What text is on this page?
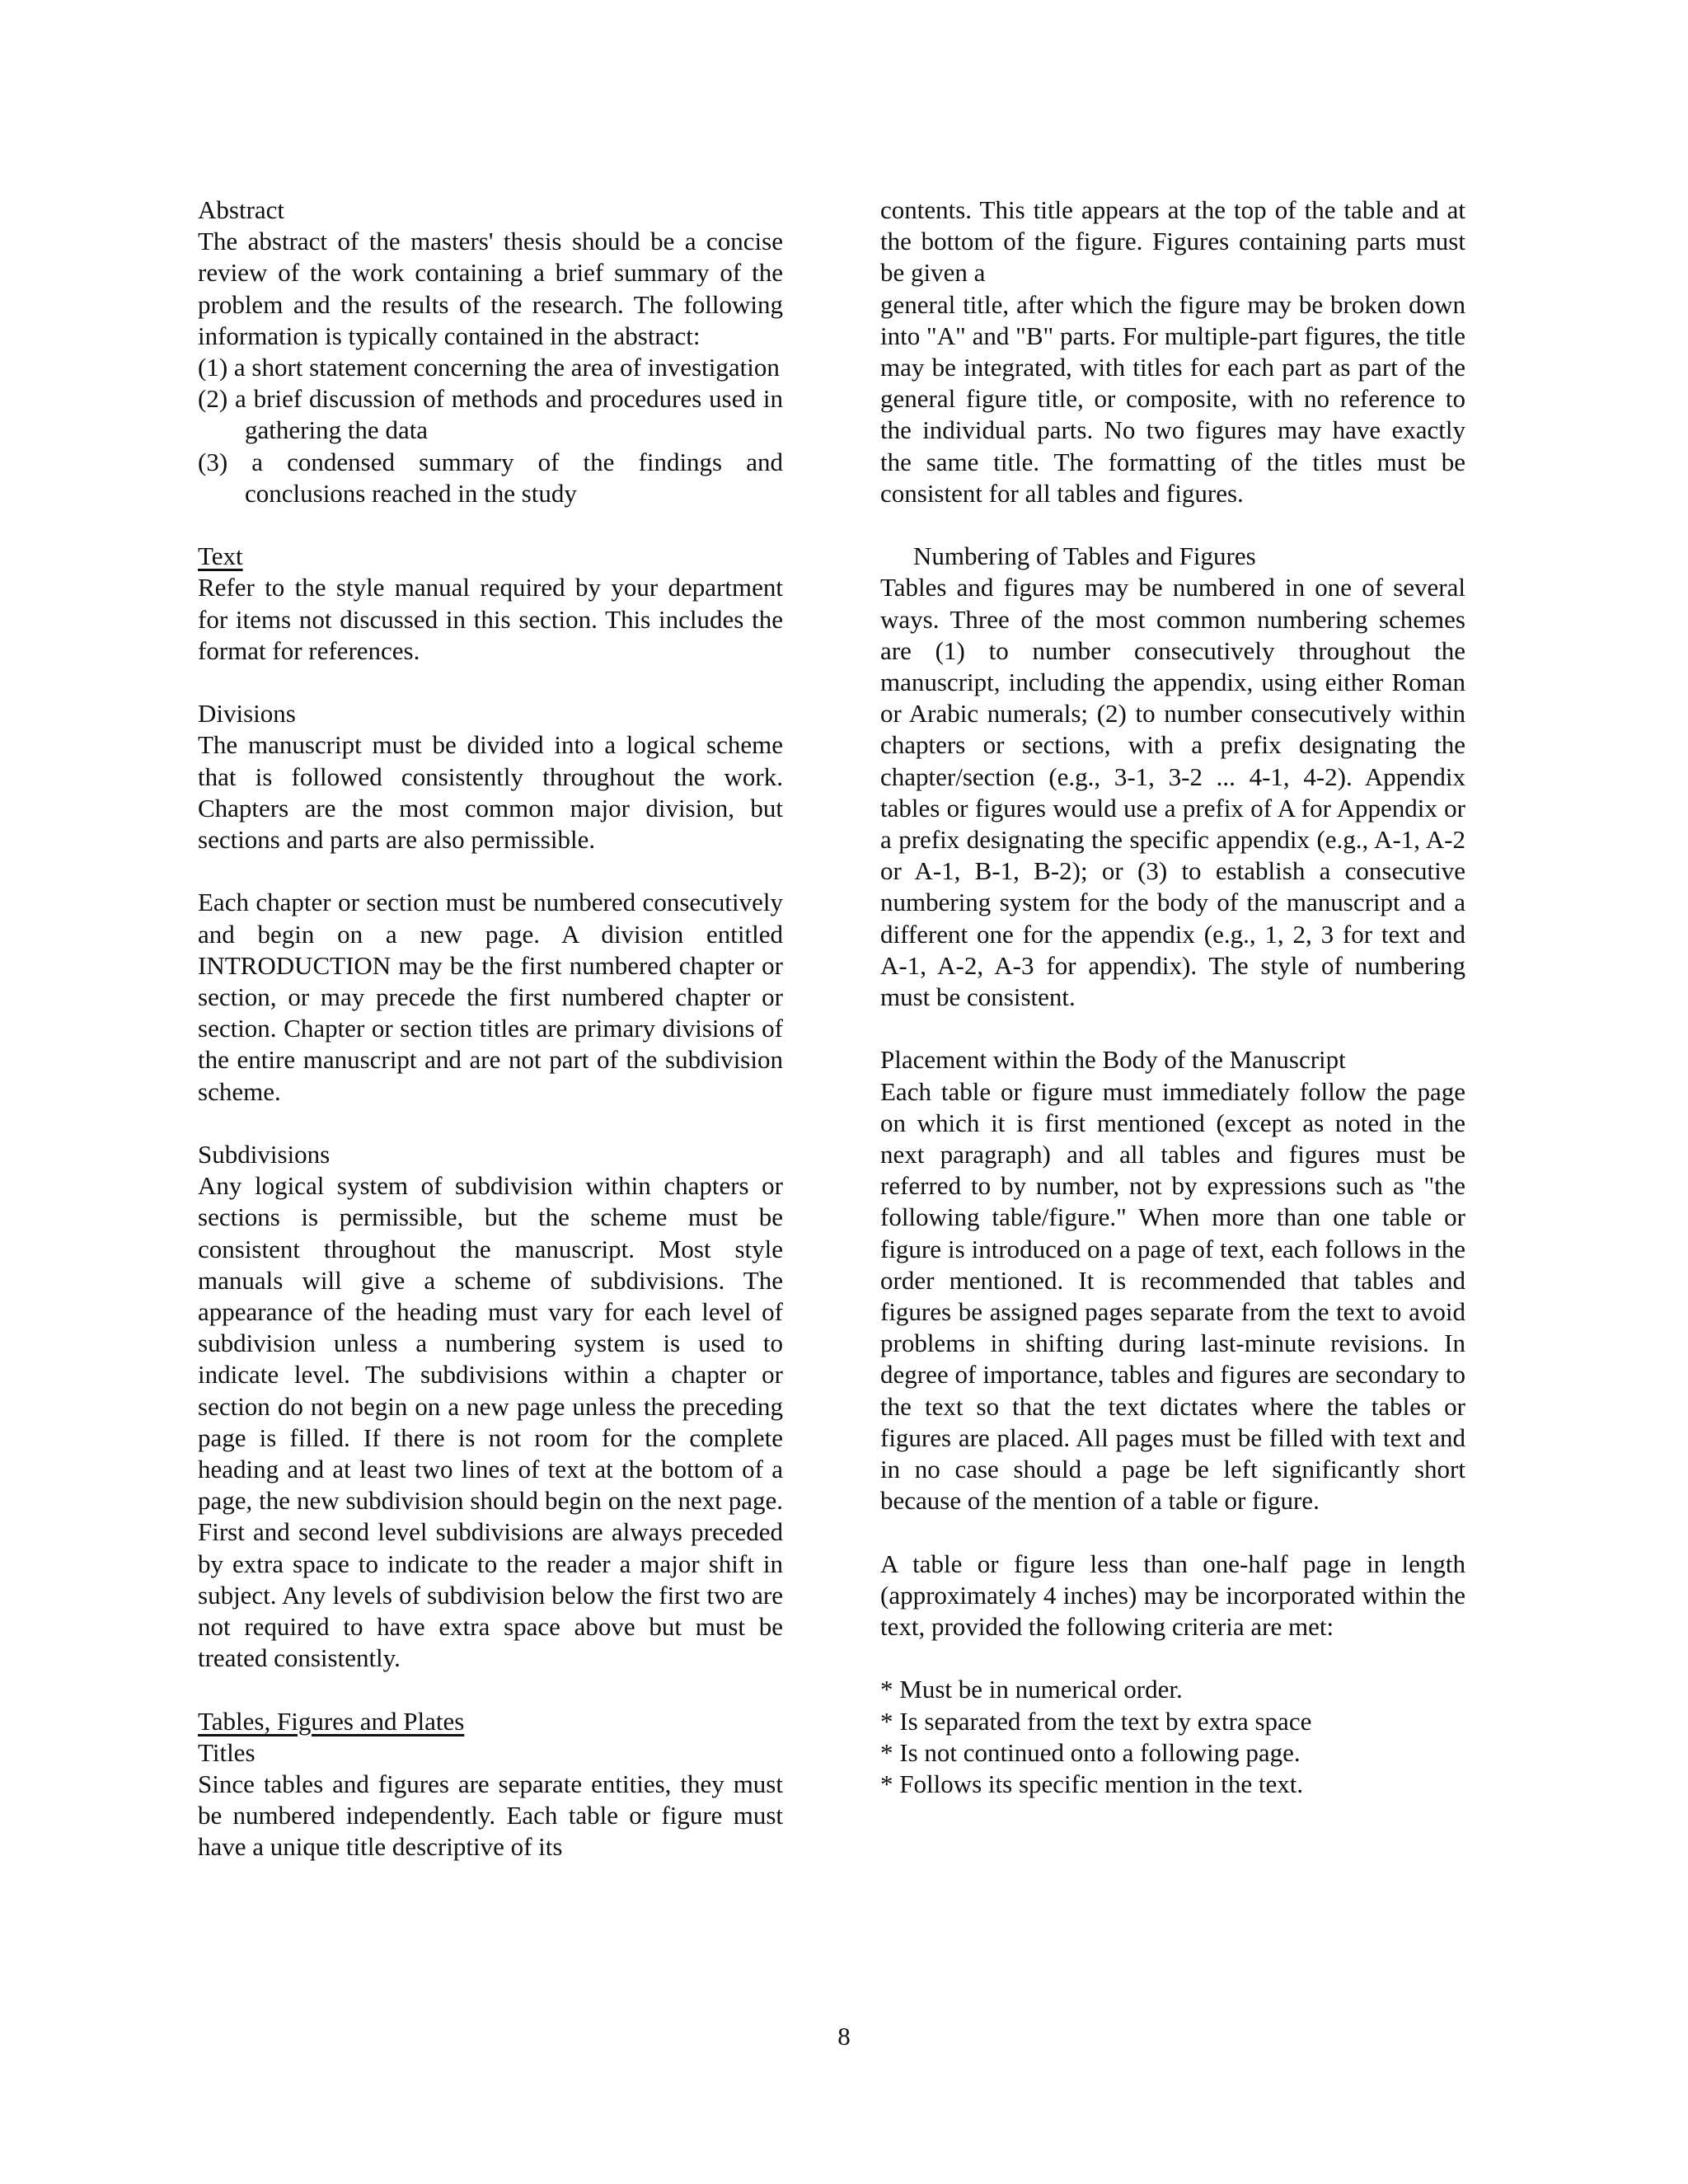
Abstract

The abstract of the masters' thesis should be a concise review of the work containing a brief summary of the problem and the results of the research. The following information is typically contained in the abstract:

(1) a short statement concerning the area of investigation

(2) a brief discussion of methods and procedures used in gathering the data

(3) a condensed summary of the findings and conclusions reached in the study

Text

Refer to the style manual required by your department for items not discussed in this section. This includes the format for references.

Divisions

The manuscript must be divided into a logical scheme that is followed consistently throughout the work. Chapters are the most common major division, but sections and parts are also permissible.

Each chapter or section must be numbered consecutively and begin on a new page. A division entitled INTRODUCTION may be the first numbered chapter or section, or may precede the first numbered chapter or section. Chapter or section titles are primary divisions of the entire manuscript and are not part of the subdivision scheme.

Subdivisions

Any logical system of subdivision within chapters or sections is permissible, but the scheme must be consistent throughout the manuscript. Most style manuals will give a scheme of subdivisions. The appearance of the heading must vary for each level of subdivision unless a numbering system is used to indicate level. The subdivisions within a chapter or section do not begin on a new page unless the preceding page is filled. If there is not room for the complete heading and at least two lines of text at the bottom of a page, the new subdivision should begin on the next page. First and second level subdivisions are always preceded by extra space to indicate to the reader a major shift in subject. Any levels of subdivision below the first two are not required to have extra space above but must be treated consistently.

Tables, Figures and Plates

Titles

Since tables and figures are separate entities, they must be numbered independently. Each table or figure must have a unique title descriptive of its

contents. This title appears at the top of the table and at the bottom of the figure. Figures containing parts must be given a

general title, after which the figure may be broken down into "A" and "B" parts. For multiple-part figures, the title may be integrated, with titles for each part as part of the general figure title, or composite, with no reference to the individual parts. No two figures may have exactly the same title. The formatting of the titles must be consistent for all tables and figures.

Numbering of Tables and Figures

Tables and figures may be numbered in one of several ways. Three of the most common numbering schemes are (1) to number consecutively throughout the manuscript, including the appendix, using either Roman or Arabic numerals; (2) to number consecutively within chapters or sections, with a prefix designating the chapter/section (e.g., 3-1, 3-2 ... 4-1, 4-2). Appendix tables or figures would use a prefix of A for Appendix or a prefix designating the specific appendix (e.g., A-1, A-2 or A-1, B-1, B-2); or (3) to establish a consecutive numbering system for the body of the manuscript and a different one for the appendix (e.g., 1, 2, 3 for text and A-1, A-2, A-3 for appendix). The style of numbering must be consistent.

Placement within the Body of the Manuscript

Each table or figure must immediately follow the page on which it is first mentioned (except as noted in the next paragraph) and all tables and figures must be referred to by number, not by expressions such as "the following table/figure." When more than one table or figure is introduced on a page of text, each follows in the order mentioned. It is recommended that tables and figures be assigned pages separate from the text to avoid problems in shifting during last-minute revisions. In degree of importance, tables and figures are secondary to the text so that the text dictates where the tables or figures are placed. All pages must be filled with text and in no case should a page be left significantly short because of the mention of a table or figure.

A table or figure less than one-half page in length (approximately 4 inches) may be incorporated within the text, provided the following criteria are met:

* Must be in numerical order.

* Is separated from the text by extra space

* Is not continued onto a following page.

* Follows its specific mention in the text.

8
